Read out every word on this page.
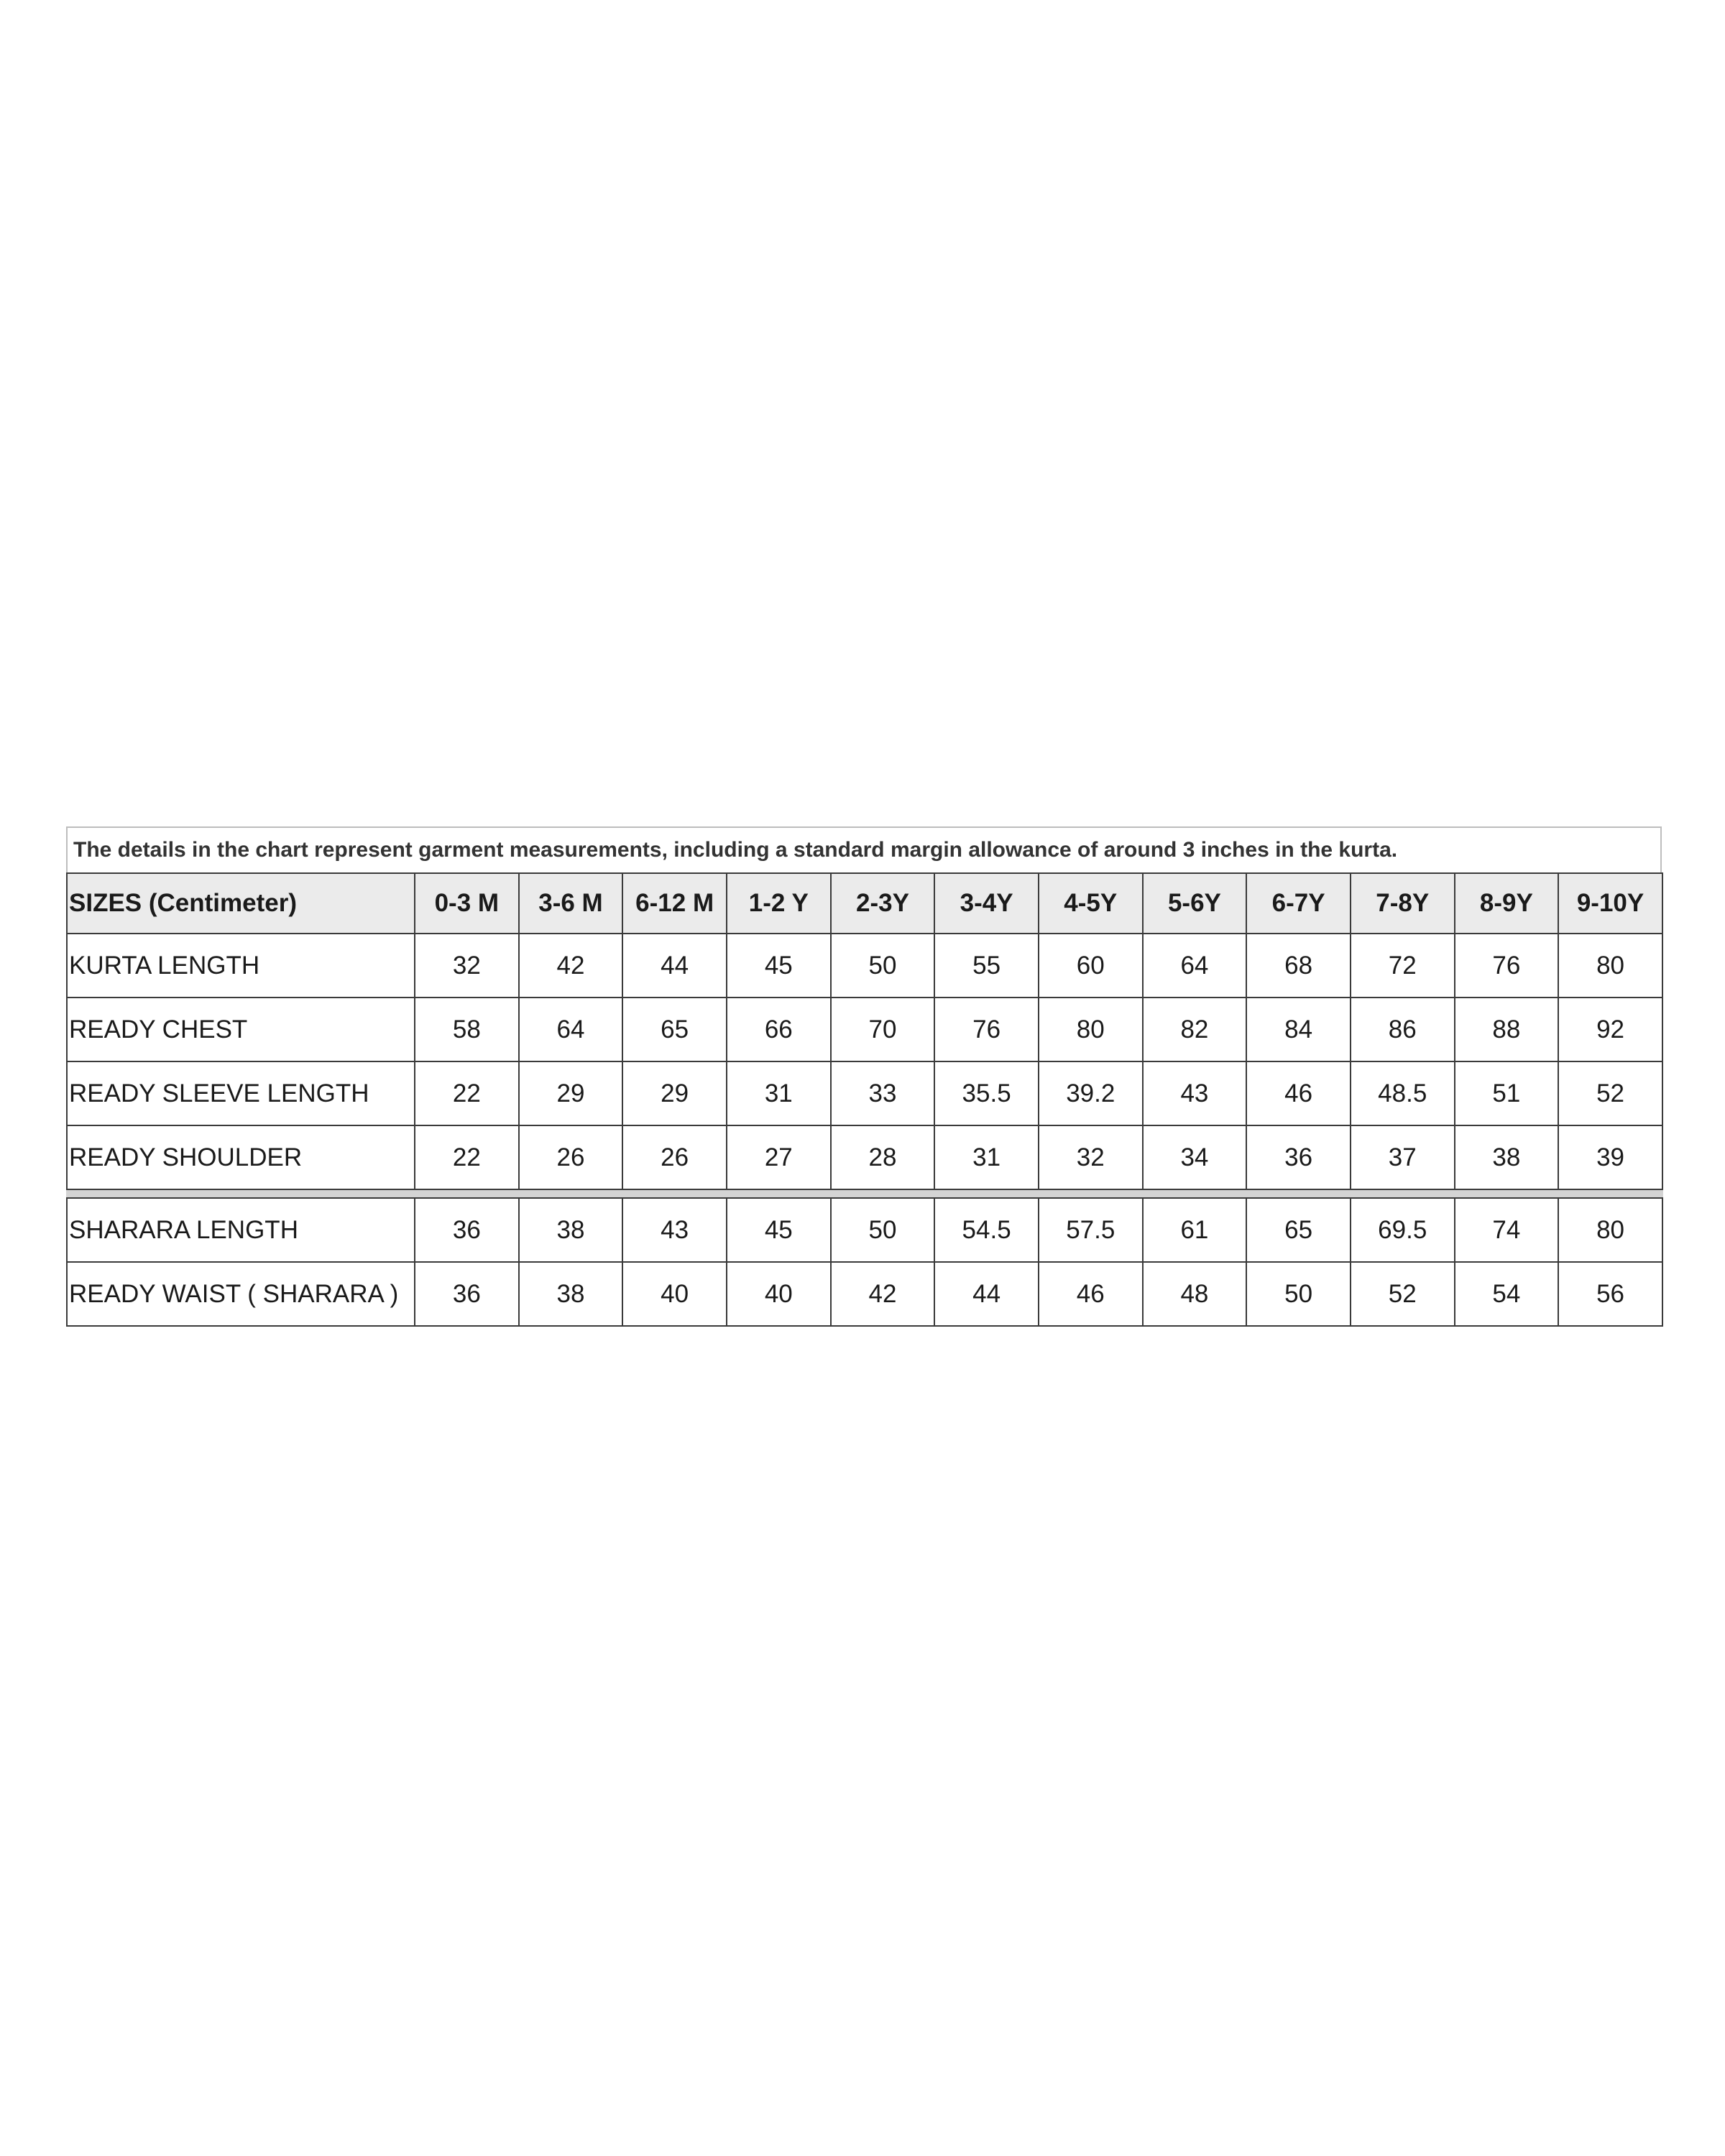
The details in the chart represent garment measurements, including a standard margin allowance of around 3 inches in the kurta.
SIZES (Centimeter)	0-3 M	3-6 M	6-12 M	1-2 Y	2-3Y	3-4Y	4-5Y	5-6Y	6-7Y	7-8Y	8-9Y	9-10Y
KURTA LENGTH	32	42	44	45	50	55	60	64	68	72	76	80
READY CHEST	58	64	65	66	70	76	80	82	84	86	88	92
READY SLEEVE LENGTH	22	29	29	31	33	35.5	39.2	43	46	48.5	51	52
READY SHOULDER	22	26	26	27	28	31	32	34	36	37	38	39

SHARARA LENGTH	36	38	43	45	50	54.5	57.5	61	65	69.5	74	80
READY WAIST ( SHARARA )	36	38	40	40	42	44	46	48	50	52	54	56
